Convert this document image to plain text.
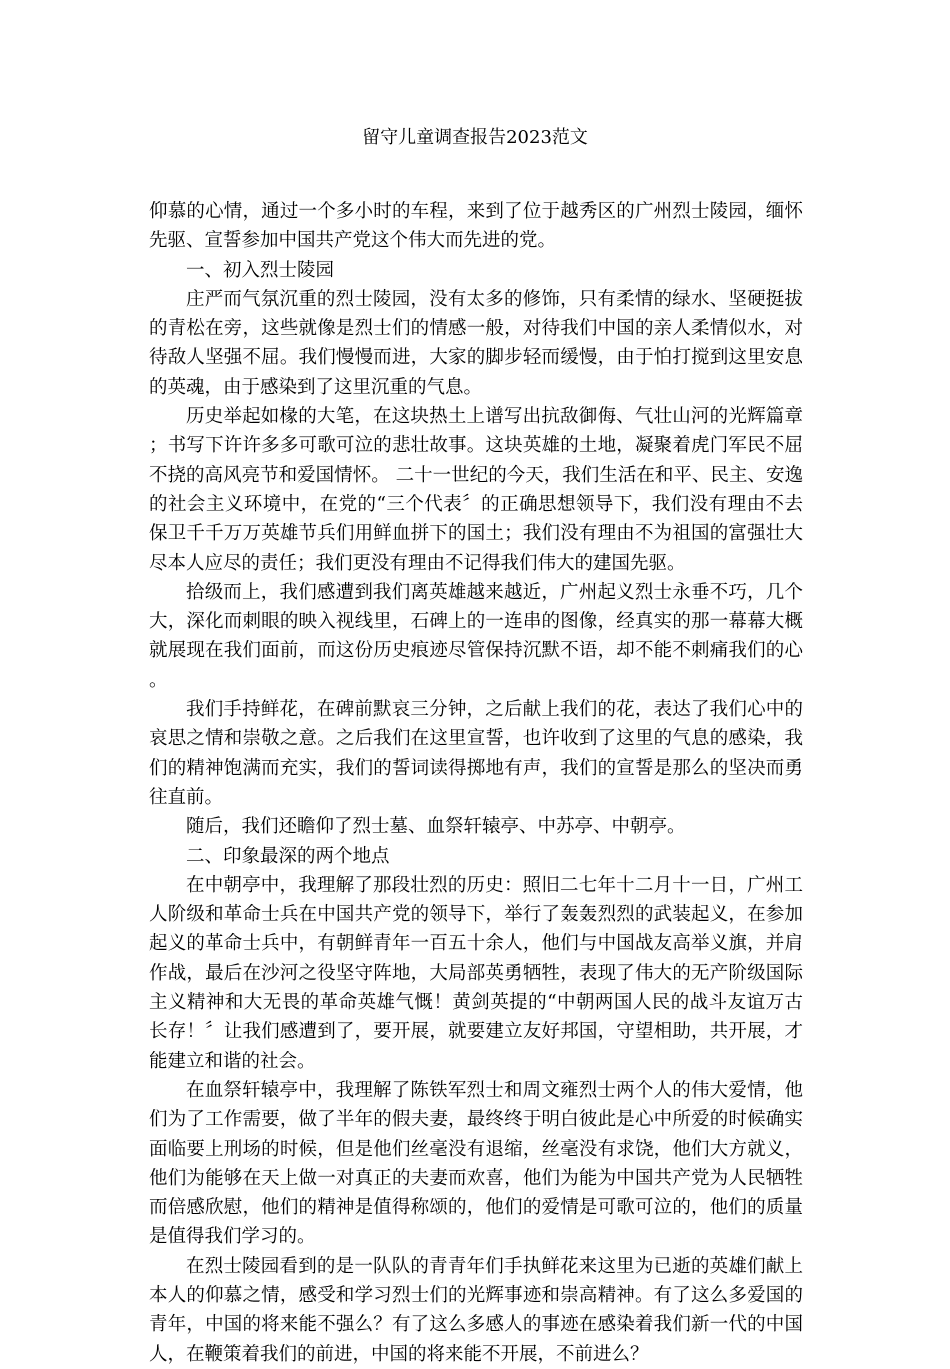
留守儿童调查报告2023范文

仰慕的心情，通过一个多小时的车程，来到了位于越秀区的广州烈士陵园，缅怀先驱、宣誓参加中国共产党这个伟大而先进的党。

一、初入烈士陵园

庄严而气氛沉重的烈士陵园，没有太多的修饰，只有柔情的绿水、坚硬挺拔的青松在旁，这些就像是烈士们的情感一般，对待我们中国的亲人柔情似水，对待敌人坚强不屈。我们慢慢而进，大家的脚步轻而缓慢，由于怕打搅到这里安息的英魂，由于感染到了这里沉重的气息。

历史举起如椽的大笔，在这块热土上谱写出抗敌御侮、气壮山河的光辉篇章；书写下许许多多可歌可泣的悲壮故事。这块英雄的土地，凝聚着虎门军民不屈不挠的高风亮节和爱国情怀。 二十一世纪的今天，我们生活在和平、民主、安逸的社会主义环境中，在党的“三个代表〞的正确思想领导下，我们没有理由不去保卫千千万万英雄节兵们用鲜血拼下的国土；我们没有理由不为祖国的富强壮大尽本人应尽的责任；我们更没有理由不记得我们伟大的建国先驱。

拾级而上，我们感遭到我们离英雄越来越近，广州起义烈士永垂不巧，几个大，深化而刺眼的映入视线里，石碑上的一连串的图像，经真实的那一幕幕大概就展现在我们面前，而这份历史痕迹尽管保持沉默不语，却不能不刺痛我们的心。

我们手持鲜花，在碑前默哀三分钟，之后献上我们的花，表达了我们心中的哀思之情和崇敬之意。之后我们在这里宣誓，也许收到了这里的气息的感染，我们的精神饱满而充实，我们的誓词读得掷地有声，我们的宣誓是那么的坚决而勇往直前。

随后，我们还瞻仰了烈士墓、血祭轩辕亭、中苏亭、中朝亭。

二、印象最深的两个地点

在中朝亭中，我理解了那段壮烈的历史：照旧二七年十二月十一日，广州工人阶级和革命士兵在中国共产党的领导下，举行了轰轰烈烈的武装起义，在参加起义的革命士兵中，有朝鲜青年一百五十余人，他们与中国战友高举义旗，并肩作战，最后在沙河之役坚守阵地，大局部英勇牺牲，表现了伟大的无产阶级国际主义精神和大无畏的革命英雄气慨！黄剑英提的“中朝两国人民的战斗友谊万古长存！〞让我们感遭到了，要开展，就要建立友好邦国，守望相助，共开展，才能建立和谐的社会。

在血祭轩辕亭中，我理解了陈铁军烈士和周文雍烈士两个人的伟大爱情，他们为了工作需要，做了半年的假夫妻，最终终于明白彼此是心中所爱的时候确实面临要上刑场的时候，但是他们丝毫没有退缩，丝毫没有求饶，他们大方就义，他们为能够在天上做一对真正的夫妻而欢喜，他们为能为中国共产党为人民牺牲而倍感欣慰，他们的精神是值得称颂的，他们的爱情是可歌可泣的，他们的质量是值得我们学习的。

在烈士陵园看到的是一队队的青青年们手执鲜花来这里为已逝的英雄们献上本人的仰慕之情，感受和学习烈士们的光辉事迹和崇高精神。有了这么多爱国的青年，中国的将来能不强么？有了这么多感人的事迹在感染着我们新一代的中国人，在鞭策着我们的前进，中国的将来能不开展，不前进么？
